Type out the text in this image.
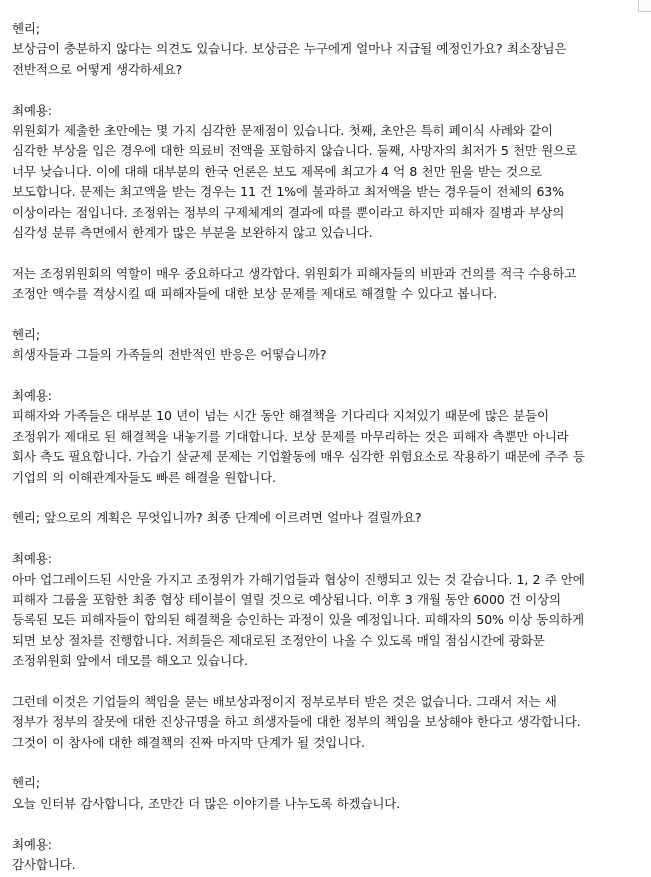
헨리;
보상금이 충분하지 않다는 의견도 있습니다. 보상금은 누구에게 얼마나 지급될 예정인가요? 최소장님은
전반적으로 어떻게 생각하세요?
최예용:
위원회가 제출한 초안에는 몇 가지 심각한 문제점이 있습니다. 첫째, 초안은 특히 폐이식 사례와 같이
심각한 부상을 입은 경우에 대한 의료비 전액을 포함하지 않습니다. 둘째, 사망자의 최저가 5 천만 원으로
너무 낮습니다. 이에 대해 대부분의 한국 언론은 보도 제목에 최고가 4 억 8 천만 원을 받는 것으로
보도합니다. 문제는 최고액을 받는 경우는 11 건 1%에 불과하고 최저액을 받는 경우들이 전체의 63%
이상이라는 점입니다. 조정위는 정부의 구제체계의 결과에 따를 뿐이라고 하지만 피해자 질병과 부상의
심각성 분류 측면에서 한계가 많은 부분을 보완하지 않고 있습니다.
저는 조정위원회의 역할이 매우 중요하다고 생각합다. 위원회가 피해자들의 비판과 건의를 적극 수용하고
조정안 액수를 격상시킬 때 피해자들에 대한 보상 문제를 제대로 해결할 수 있다고 봅니다.
헨리;
희생자들과 그들의 가족들의 전반적인 반응은 어떻습니까?
최예용:
피해자와 가족들은 대부분 10 년이 넘는 시간 동안 해결책을 기다리다 지쳐있기 때문에 많은 분들이
조정위가 제대로 된 해결책을 내놓기를 기대합니다. 보상 문제를 마무리하는 것은 피해자 측뿐만 아니라
회사 측도 필요합니다. 가습기 살균제 문제는 기업활동에 매우 심각한 위험요소로 작용하기 때문에 주주 등
기업의 의 이해관계자들도 빠른 해결을 원합니다.
헨리; 앞으로의 계획은 무엇입니까? 최종 단계에 이르려면 얼마나 걸릴까요?
최예용:
아마 업그레이드된 시안을 가지고 조정위가 가해기업들과 협상이 진행되고 있는 것 같습니다. 1, 2 주 안에
피해자 그룹을 포함한 최종 협상 테이블이 열릴 것으로 예상됩니다. 이후 3 개월 동안 6000 건 이상의
등록된 모든 피해자들이 합의된 해결책을 승인하는 과정이 있을 예정입니다. 피해자의 50% 이상 동의하게
되면 보상 절차를 진행합니다. 저희들은 제대로된 조정안이 나올 수 있도록 매일 점심시간에 광화문
조정위원회 앞에서 데모를 해오고 있습니다.
그런데 이것은 기업들의 책임을 묻는 배보상과정이지 정부로부터 받은 것은 없습니다. 그래서 저는 새
정부가 정부의 잘못에 대한 진상규명을 하고 희생자들에 대한 정부의 책임을 보상해야 한다고 생각합니다.
그것이 이 참사에 대한 해결책의 진짜 마지막 단계가 될 것입니다.
헨리;
오늘 인터뷰 감사합니다, 조만간 더 많은 이야기를 나누도록 하겠습니다.
최예용:
감사합니다.
